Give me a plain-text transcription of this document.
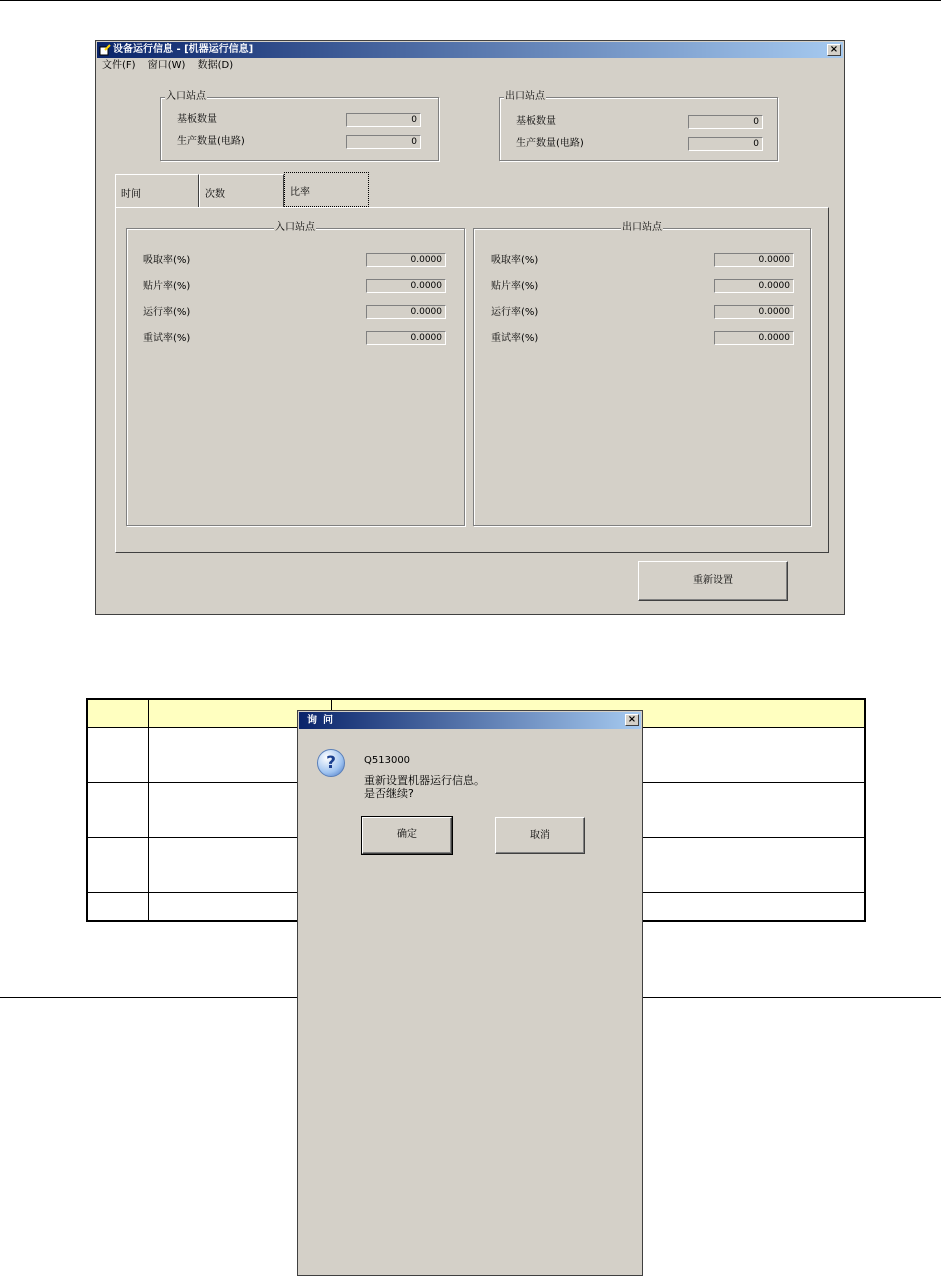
设备运行信息 - [机器运行信息]	×
文件(F) 窗口(W) 数据(D)
入口站点
基板数量	0
生产数量(电路)	0
出口站点
基板数量	0
生产数量(电路)	0
时间	次数	比率
入口站点
吸取率(%)	0.0000
贴片率(%)	0.0000
运行率(%)	0.0000
重试率(%)	0.0000
出口站点
吸取率(%)	0.0000
贴片率(%)	0.0000
运行率(%)	0.0000
重试率(%)	0.0000
重新设置

询问	×
?	Q513000
重新设置机器运行信息。
是否继续?
确定	取消
